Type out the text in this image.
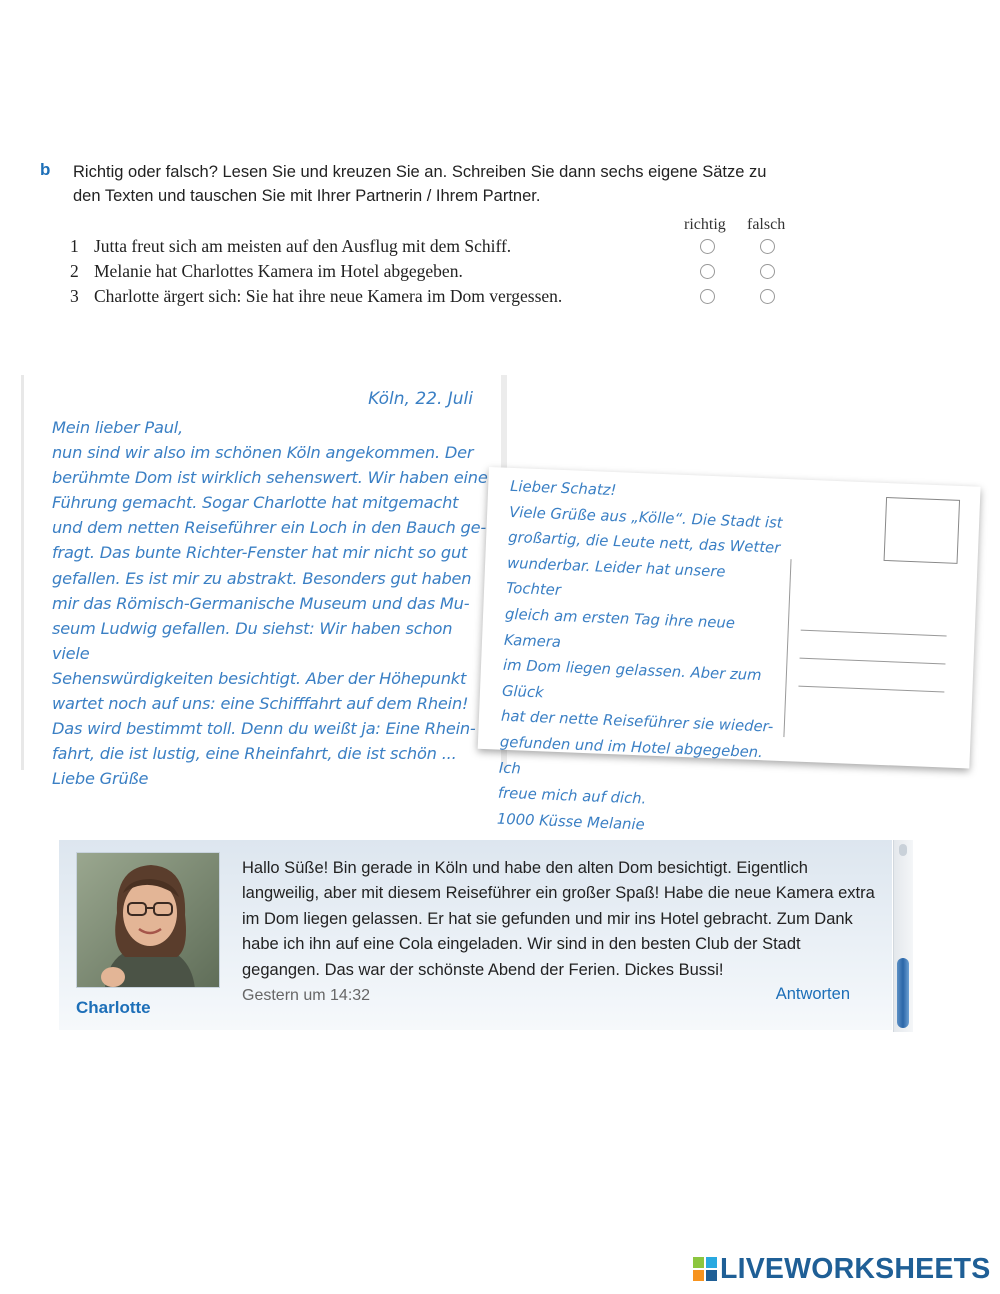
b Richtig oder falsch? Lesen Sie und kreuzen Sie an. Schreiben Sie dann sechs eigene Sätze zu den Texten und tauschen Sie mit Ihrer Partnerin / Ihrem Partner.
richtig falsch
1 Jutta freut sich am meisten auf den Ausflug mit dem Schiff.
2 Melanie hat Charlottes Kamera im Hotel abgegeben.
3 Charlotte ärgert sich: Sie hat ihre neue Kamera im Dom vergessen.
Köln, 22. Juli
Mein lieber Paul,
nun sind wir also im schönen Köln angekommen. Der
berühmte Dom ist wirklich sehenswert. Wir haben eine
Führung gemacht. Sogar Charlotte hat mitgemacht
und dem netten Reiseführer ein Loch in den Bauch ge-
fragt. Das bunte Richter-Fenster hat mir nicht so gut
gefallen. Es ist mir zu abstrakt. Besonders gut haben
mir das Römisch-Germanische Museum und das Mu-
seum Ludwig gefallen. Du siehst: Wir haben schon viele
Sehenswürdigkeiten besichtigt. Aber der Höhepunkt
wartet noch auf uns: eine Schifffahrt auf dem Rhein!
Das wird bestimmt toll. Denn du weißt ja: Eine Rhein-
fahrt, die ist lustig, eine Rheinfahrt, die ist schön ...
Liebe Grüße
Lieber Schatz!
Viele Grüße aus „Kölle“. Die Stadt ist
großartig, die Leute nett, das Wetter
wunderbar. Leider hat unsere Tochter
gleich am ersten Tag ihre neue Kamera
im Dom liegen gelassen. Aber zum Glück
hat der nette Reiseführer sie wieder-
gefunden und im Hotel abgegeben. Ich
freue mich auf dich.
1000 Küsse Melanie
Charlotte
Hallo Süße! Bin gerade in Köln und habe den alten Dom besichtigt. Eigentlich langweilig, aber mit diesem Reiseführer ein großer Spaß! Habe die neue Kamera extra im Dom liegen gelassen. Er hat sie gefunden und mir ins Hotel gebracht. Zum Dank habe ich ihn auf eine Cola eingeladen. Wir sind in den besten Club der Stadt gegangen. Das war der schönste Abend der Ferien. Dickes Bussi!
Gestern um 14:32	Antworten
LIVEWORKSHEETS
